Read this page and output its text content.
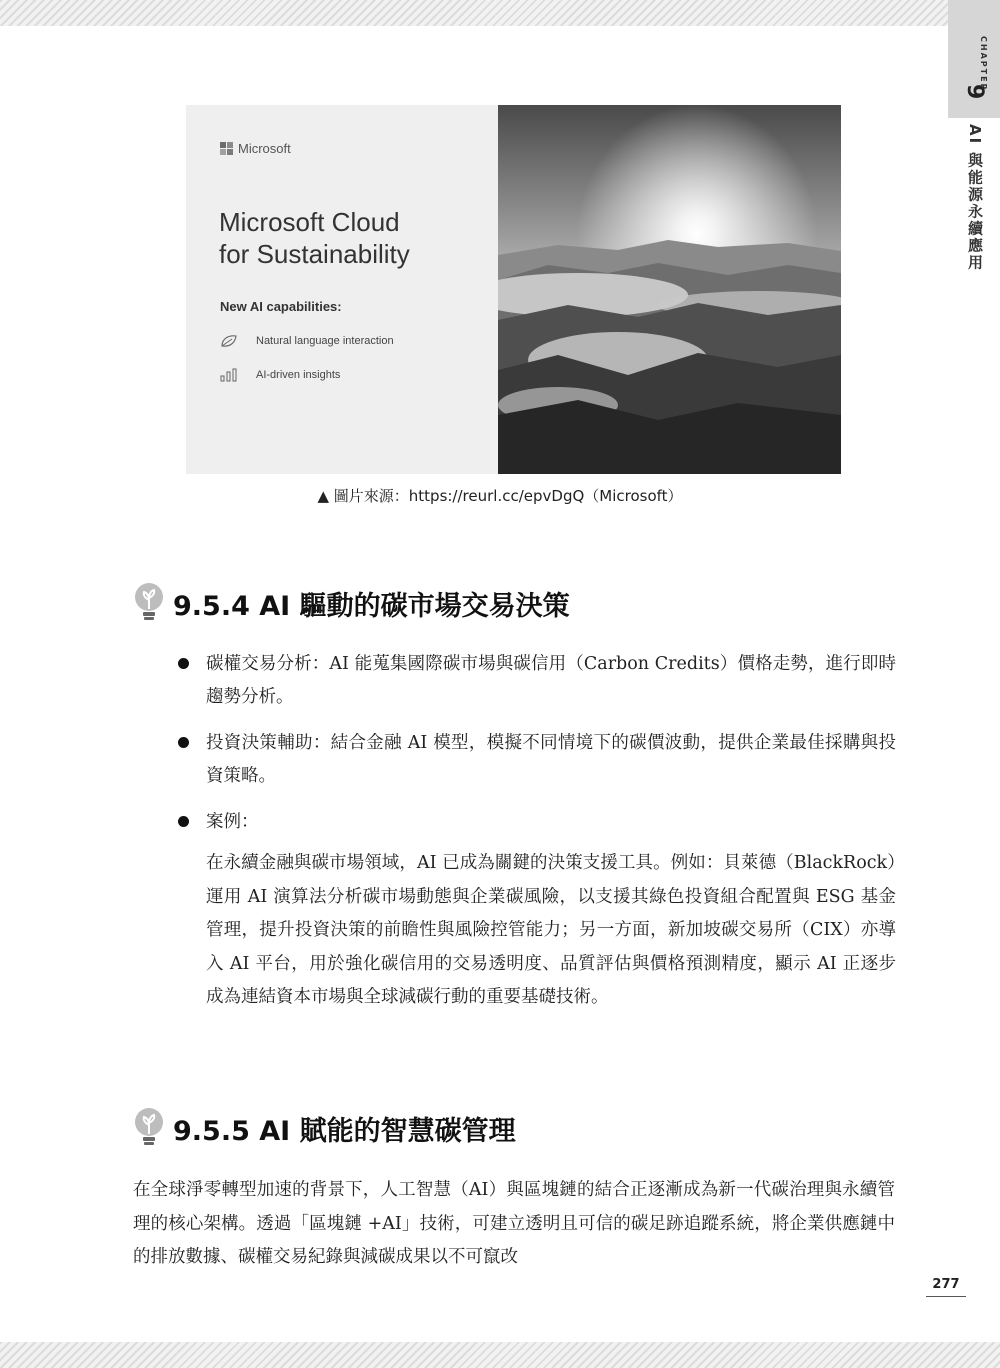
CHAPTER
9
AI 與能源永續應用
Microsoft
Microsoft Cloud
for Sustainability
New AI capabilities:
Natural language interaction
AI-driven insights
▲ 圖片來源：https://reurl.cc/epvDgQ（Microsoft）
9.5.4 AI 驅動的碳市場交易決策
碳權交易分析：AI 能蒐集國際碳市場與碳信用（Carbon Credits）價格走勢，進行即時趨勢分析。
投資決策輔助：結合金融 AI 模型，模擬不同情境下的碳價波動，提供企業最佳採購與投資策略。
案例：
在永續金融與碳市場領域，AI 已成為關鍵的決策支援工具。例如：貝萊德（BlackRock）運用 AI 演算法分析碳市場動態與企業碳風險，以支援其綠色投資組合配置與 ESG 基金管理，提升投資決策的前瞻性與風險控管能力；另一方面，新加坡碳交易所（CIX）亦導入 AI 平台，用於強化碳信用的交易透明度、品質評估與價格預測精度，顯示 AI 正逐步成為連結資本市場與全球減碳行動的重要基礎技術。
9.5.5 AI 賦能的智慧碳管理
在全球淨零轉型加速的背景下，人工智慧（AI）與區塊鏈的結合正逐漸成為新一代碳治理與永續管理的核心架構。透過「區塊鏈 +AI」技術，可建立透明且可信的碳足跡追蹤系統，將企業供應鏈中的排放數據、碳權交易紀錄與減碳成果以不可竄改
277
